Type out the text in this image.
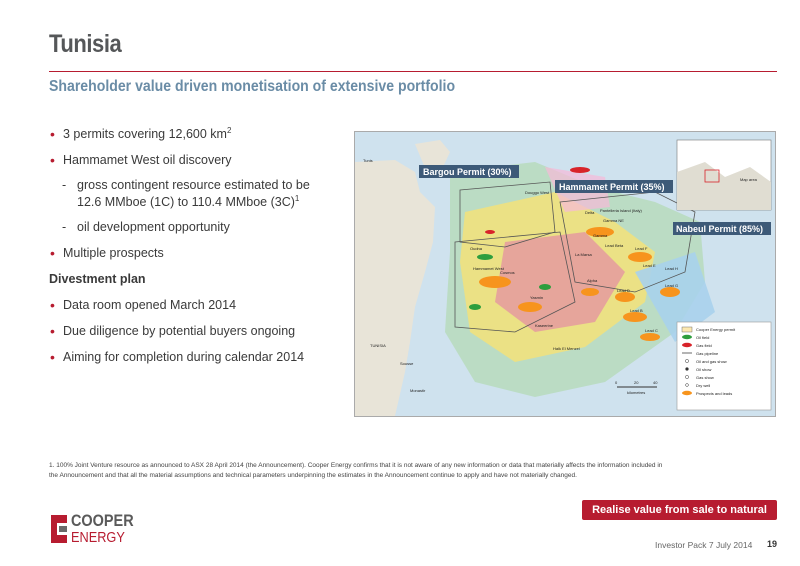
Tunisia
Shareholder value driven monetisation of extensive portfolio
• 3 permits covering 12,600 $km^2$
• Hammamet West oil discovery
- gross contingent resource estimated to be
12.6 MMboe (1C) to 110.4 MMboe $(3C)^1$
- oil development opportunity
• Multiple prospects
Divestment plan
• Data room opened March 2014
• Due diligence by potential buyers ongoing
• Aiming for completion during calendar 2014
Bargou Permit (30%)
Hammamet Permit (35%)
Nabeul Permit (85%)
Tunis
Sousse
Monastir
Pantelleria Island (Italy)
TUNISIA
Douggo West
Hammamet West
Lead D
Lead E
Lead F
Lead G
Lead H
Lead B
Lead C
Gamma NE
Gamma
Lead Beta
Alpha
La Marsa
Delta
Kaseerine
Cosmos
Yasmin
Oudna
Halk El Menzel
Map area
Cooper Energy permit
Oil field
Gas field
Gas pipeline
Oil and gas show
Oil show
Gas show
Dry well
Prospects and leads
0	20	40
kilometres
1. 100% Joint Venture resource as announced to ASX 28 April 2014 (the Announcement). Cooper Energy confirms that it is not aware of any new information or data that materially affects the information included in the Announcement and that all the material assumptions and technical parameters underpinning the estimates in the Announcement continue to apply and have not materially changed.
Realise value from sale to natural owner
COOPER
ENERGY	Investor Pack 7 July 2014 19
